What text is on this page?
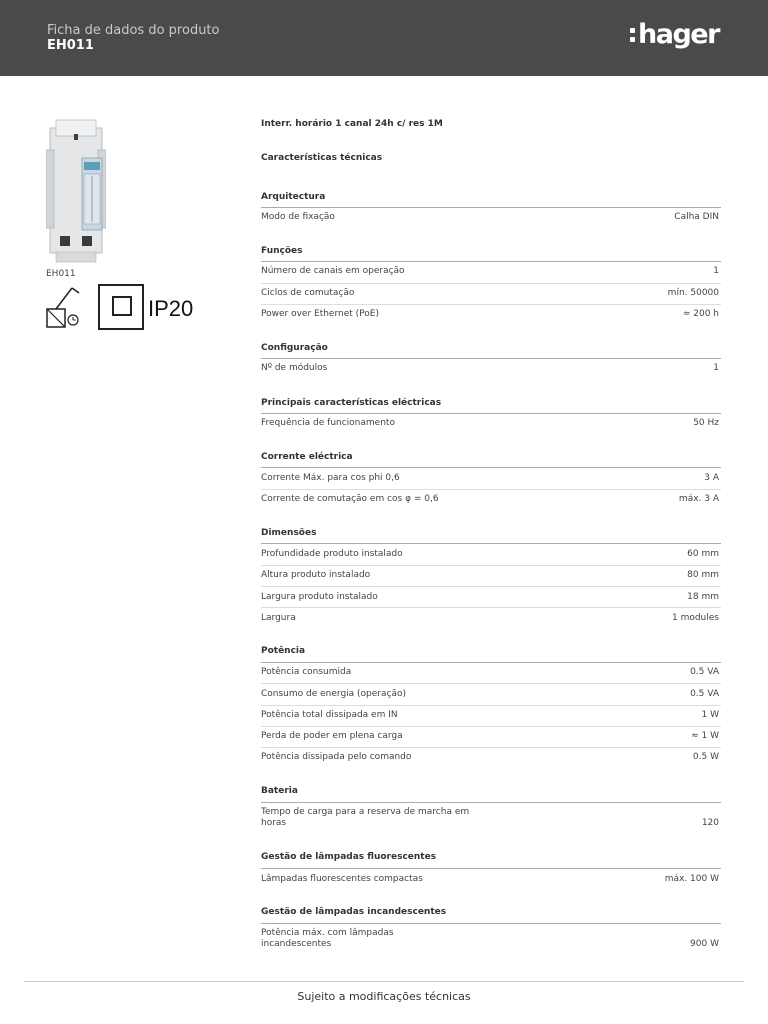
Ficha de dados do produto
EH011	hager
EH011
IP20
Interr. horário 1 canal 24h c/ res 1M
Características técnicas
Arquitectura
Modo de fixação	Calha DIN
Funções
Número de canais em operação	1
Ciclos de comutação	mín. 50000
Power over Ethernet (PoE)	≈ 200 h
Configuração
Nº de módulos	1
Principais características eléctricas
Frequência de funcionamento	50 Hz
Corrente eléctrica
Corrente Máx. para cos phi 0,6	3 A
Corrente de comutação em cos φ = 0,6	máx. 3 A
Dimensões
Profundidade produto instalado	60 mm
Altura produto instalado	80 mm
Largura produto instalado	18 mm
Largura	1 modules
Potência
Potência consumida	0.5 VA
Consumo de energia (operação)	0.5 VA
Potência total dissipada em IN	1 W
Perda de poder em plena carga	≈ 1 W
Potência dissipada pelo comando	0.5 W
Bateria
Tempo de carga para a reserva de marcha em horas	120
Gestão de lâmpadas fluorescentes
Lâmpadas fluorescentes compactas	máx. 100 W
Gestão de lâmpadas incandescentes
Potência máx. com lâmpadas incandescentes	900 W
Sujeito a modificações técnicas
